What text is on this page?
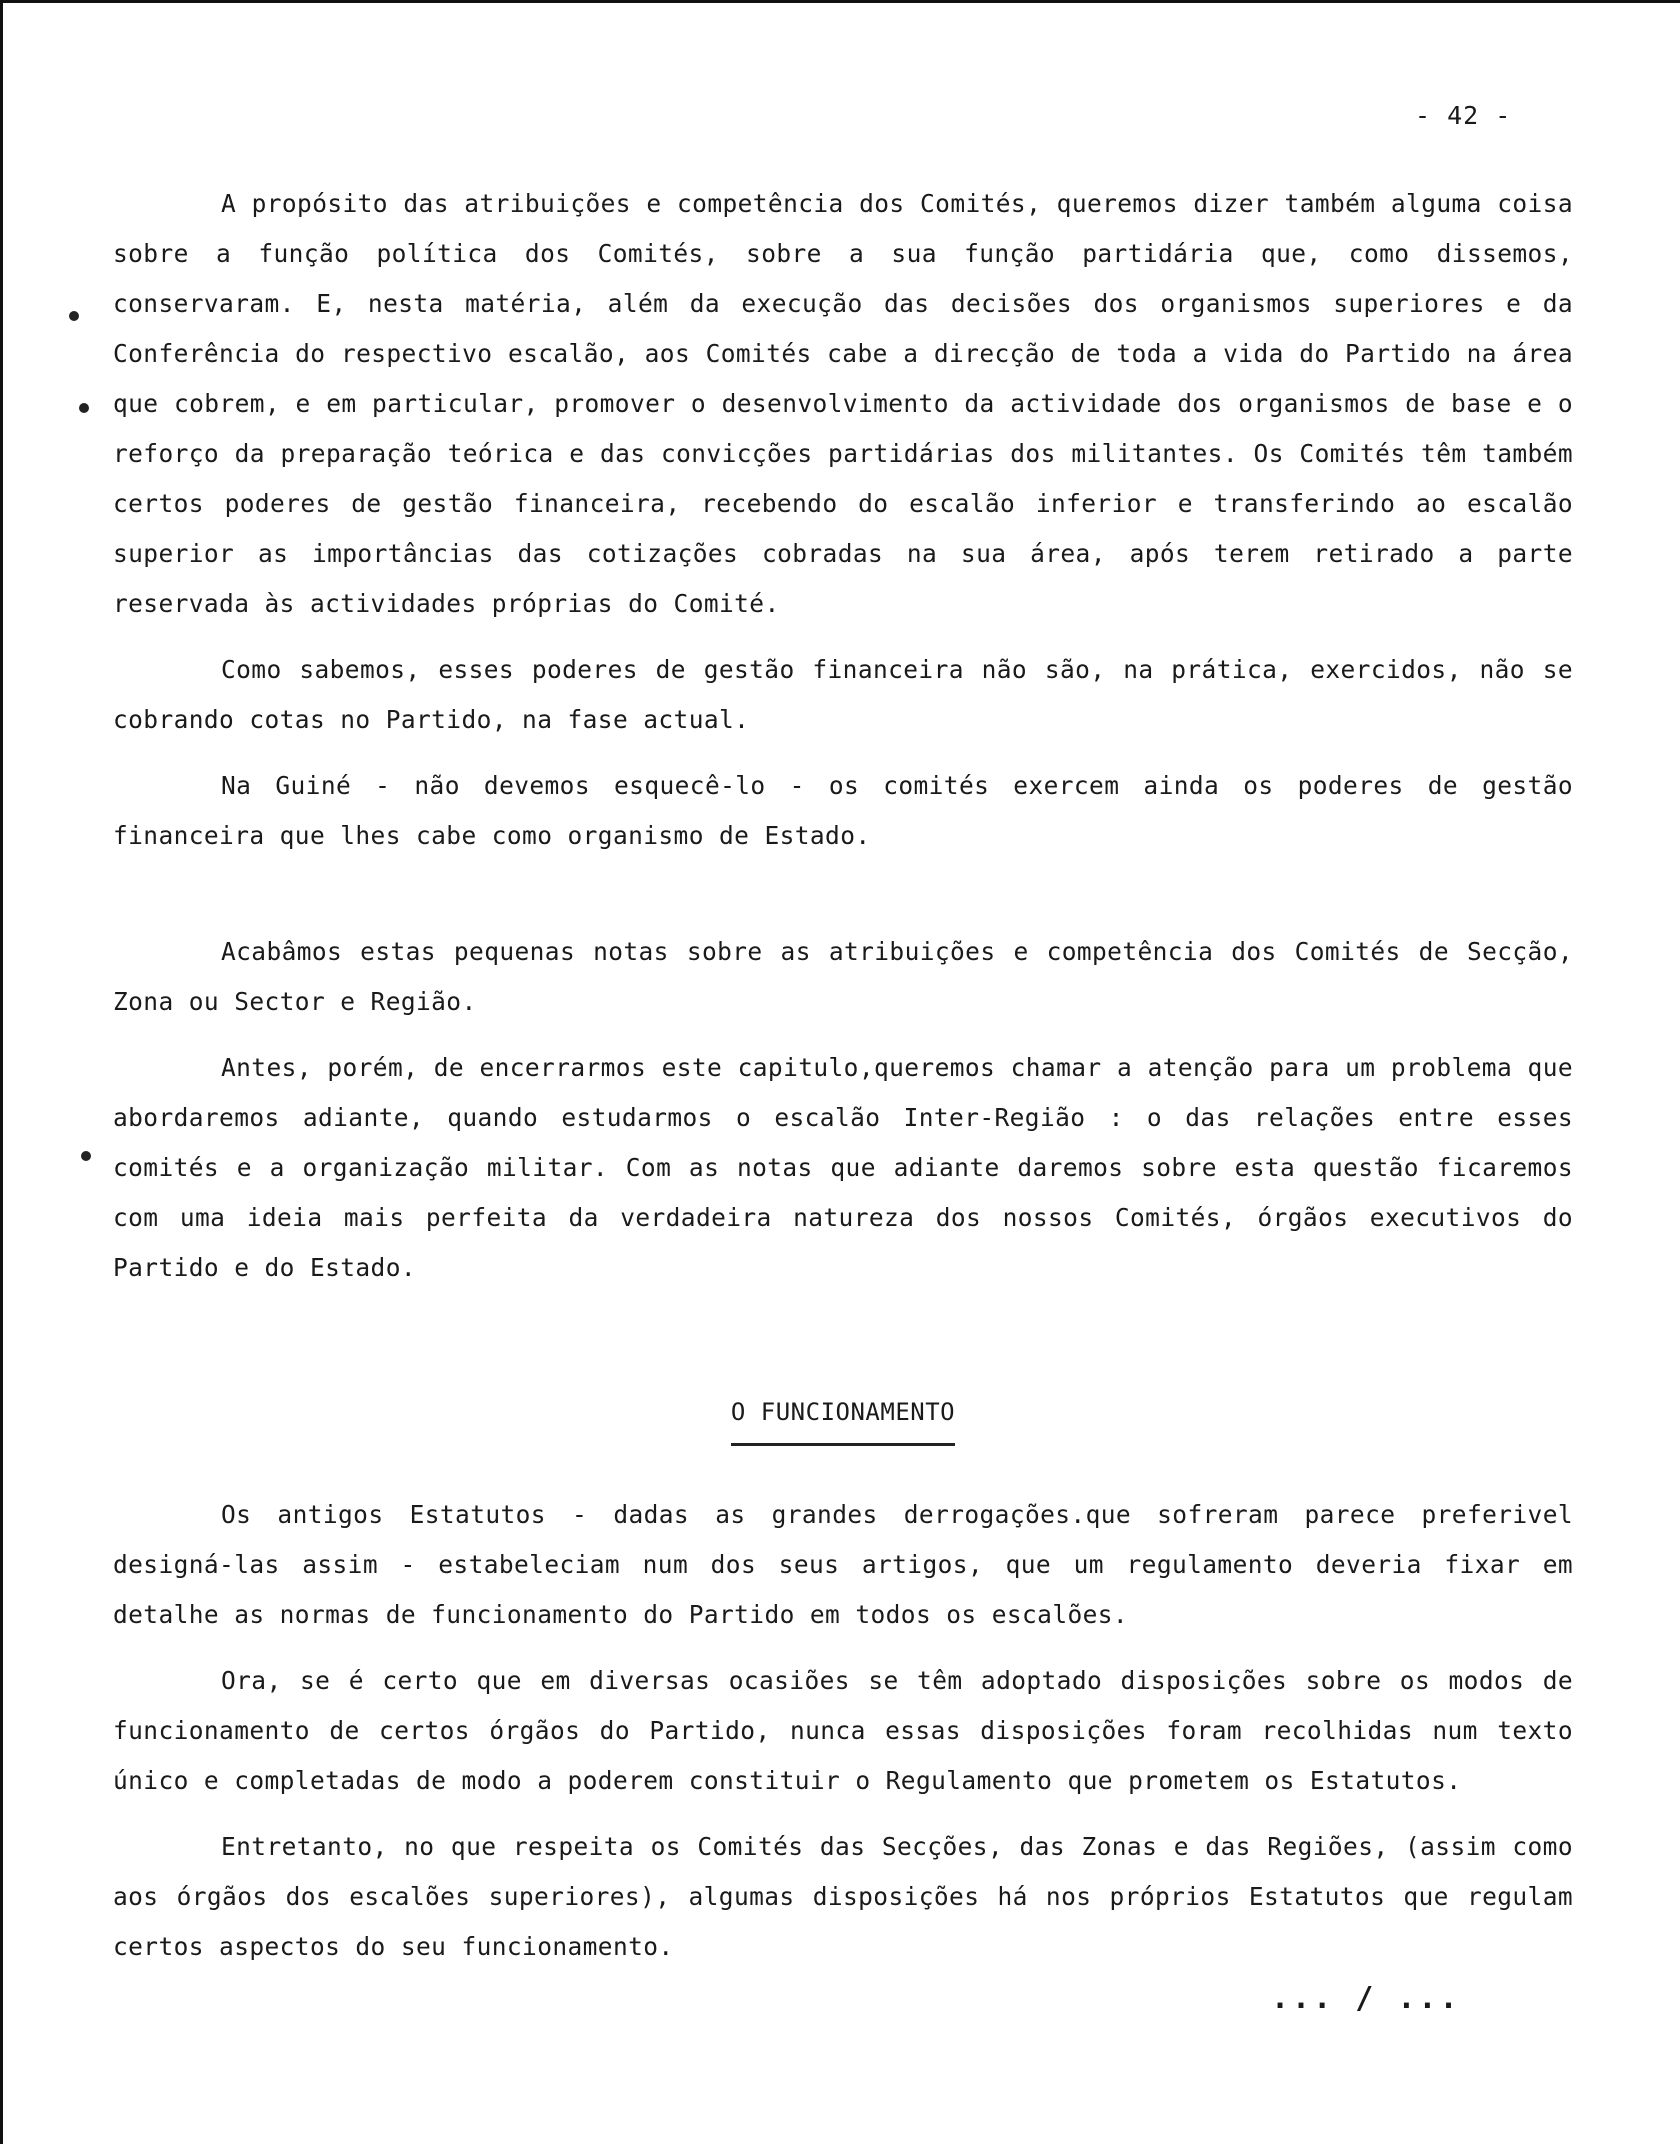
- 42 -

A propósito das atribuições e competência dos Comités, queremos dizer também alguma coisa sobre a função política dos Comités, sobre a sua função partidária que, como dissemos, conservaram. E, nesta matéria, além da execução das decisões dos organismos superiores e da Conferência do respectivo escalão, aos Comités cabe a direcção de toda a vida do Partido na área que cobrem, e em particular, promover o desenvolvimento da actividade dos organismos de base e o reforço da preparação teórica e das convicções partidárias dos militantes. Os Comités têm também certos poderes de gestão financeira, recebendo do escalão inferior e transferindo ao escalão superior as importâncias das cotizações cobradas na sua área, após terem retirado a parte reservada às actividades próprias do Comité.

Como sabemos, esses poderes de gestão financeira não são, na prática, exercidos, não se cobrando cotas no Partido, na fase actual.

Na Guiné - não devemos esquecê-lo - os comités exercem ainda os poderes de gestão financeira que lhes cabe como organismo de Estado.

Acabâmos estas pequenas notas sobre as atribuições e competência dos Comités de Secção, Zona ou Sector e Região.

Antes, porém, de encerrarmos este capitulo,queremos chamar a atenção para um problema que abordaremos adiante, quando estudarmos o escalão Inter-Região : o das relações entre esses comités e a organização militar. Com as notas que adiante daremos sobre esta questão ficaremos com uma ideia mais perfeita da verdadeira natureza dos nossos Comités, órgãos executivos do Partido e do Estado.

O FUNCIONAMENTO

Os antigos Estatutos - dadas as grandes derrogações.que sofreram parece preferivel designá-las assim - estabeleciam num dos seus artigos, que um regulamento deveria fixar em detalhe as normas de funcionamento do Partido em todos os escalões.

Ora, se é certo que em diversas ocasiões se têm adoptado disposições sobre os modos de funcionamento de certos órgãos do Partido, nunca essas disposições foram recolhidas num texto único e completadas de modo a poderem constituir o Regulamento que prometem os Estatutos.

Entretanto, no que respeita os Comités das Secções, das Zonas e das Regiões, (assim como aos órgãos dos escalões superiores), algumas disposições há nos próprios Estatutos que regulam certos aspectos do seu funcionamento.

... / ...
